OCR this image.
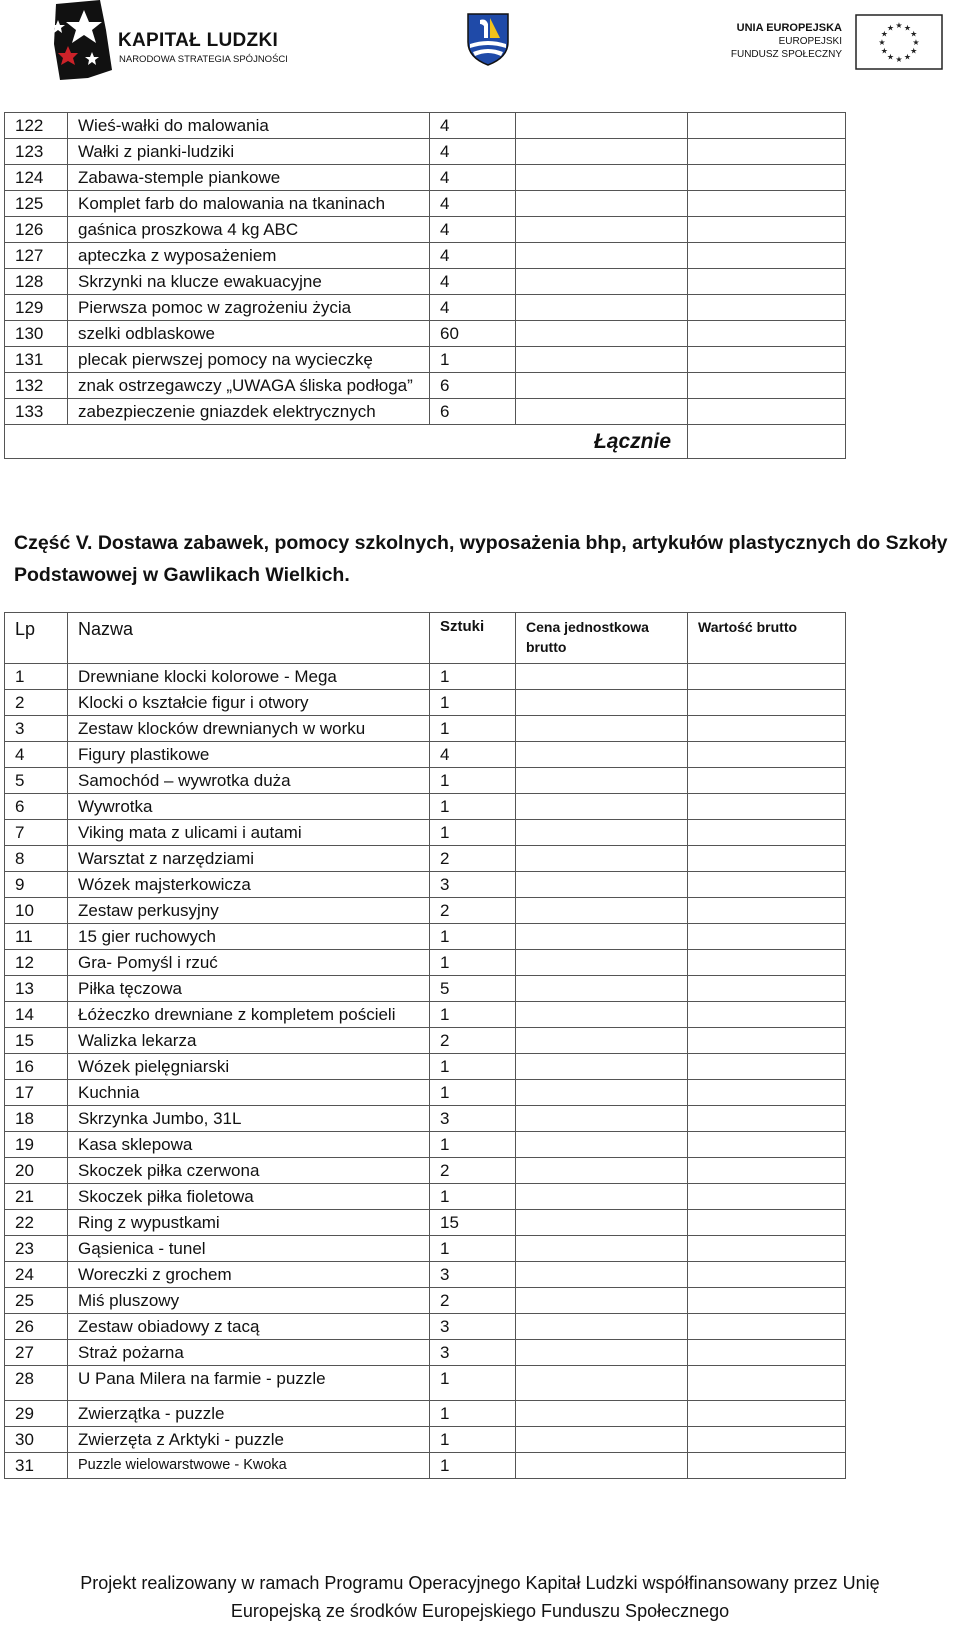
KAPITAŁ LUDZKI
NARODOWA STRATEGIA SPÓJNOŚCI
UNIA EUROPEJSKA
EUROPEJSKI
FUNDUSZ SPOŁECZNY
★ ★
★
★
★
★
★
★
★
★
★
★
122	Wieś-wałki do malowania	4		
123	Wałki z pianki-ludziki	4		
124	Zabawa-stemple piankowe	4		
125	Komplet farb do malowania na tkaninach	4		
126	gaśnica proszkowa 4 kg ABC	4		
127	apteczka z wyposażeniem	4		
128	Skrzynki na klucze ewakuacyjne	4		
129	Pierwsza pomoc w zagrożeniu życia	4		
130	szelki odblaskowe	60		
131	plecak pierwszej pomocy na wycieczkę	1		
132	znak ostrzegawczy „UWAGA śliska podłoga”	6		
133	zabezpieczenie gniazdek elektrycznych	6		
Łącznie				
Część V. Dostawa zabawek, pomocy szkolnych, wyposażenia bhp, artykułów plastycznych do Szkoły Podstawowej w Gawlikach Wielkich.
Lp	Nazwa	Sztuki	Cena jednostkowa brutto	Wartość brutto
1	Drewniane klocki kolorowe - Mega	1		
2	Klocki o kształcie figur i otwory	1		
3	Zestaw klocków drewnianych w worku	1		
4	Figury plastikowe	4		
5	Samochód – wywrotka duża	1		
6	Wywrotka	1		
7	Viking mata z ulicami i autami	1		
8	Warsztat z narzędziami	2		
9	Wózek majsterkowicza	3		
10	Zestaw perkusyjny	2		
11	15 gier ruchowych	1		
12	Gra- Pomyśl i rzuć	1		
13	Piłka tęczowa	5		
14	Łóżeczko drewniane z kompletem pościeli	1		
15	Walizka lekarza	2		
16	Wózek pielęgniarski	1		
17	Kuchnia	1		
18	Skrzynka Jumbo, 31L	3		
19	Kasa sklepowa	1		
20	Skoczek piłka czerwona	2		
21	Skoczek piłka fioletowa	1		
22	Ring z wypustkami	15		
23	Gąsienica - tunel	1		
24	Woreczki z grochem	3		
25	Miś pluszowy	2		
26	Zestaw obiadowy z tacą	3		
27	Straż pożarna	3		
28	U Pana Milera na farmie - puzzle	1		
29	Zwierzątka - puzzle	1		
30	Zwierzęta z Arktyki - puzzle	1		
31	Puzzle wielowarstwowe - Kwoka	1		
Projekt realizowany w ramach Programu Operacyjnego Kapitał Ludzki współfinansowany przez Unię
Europejską ze środków Europejskiego Funduszu Społecznego
